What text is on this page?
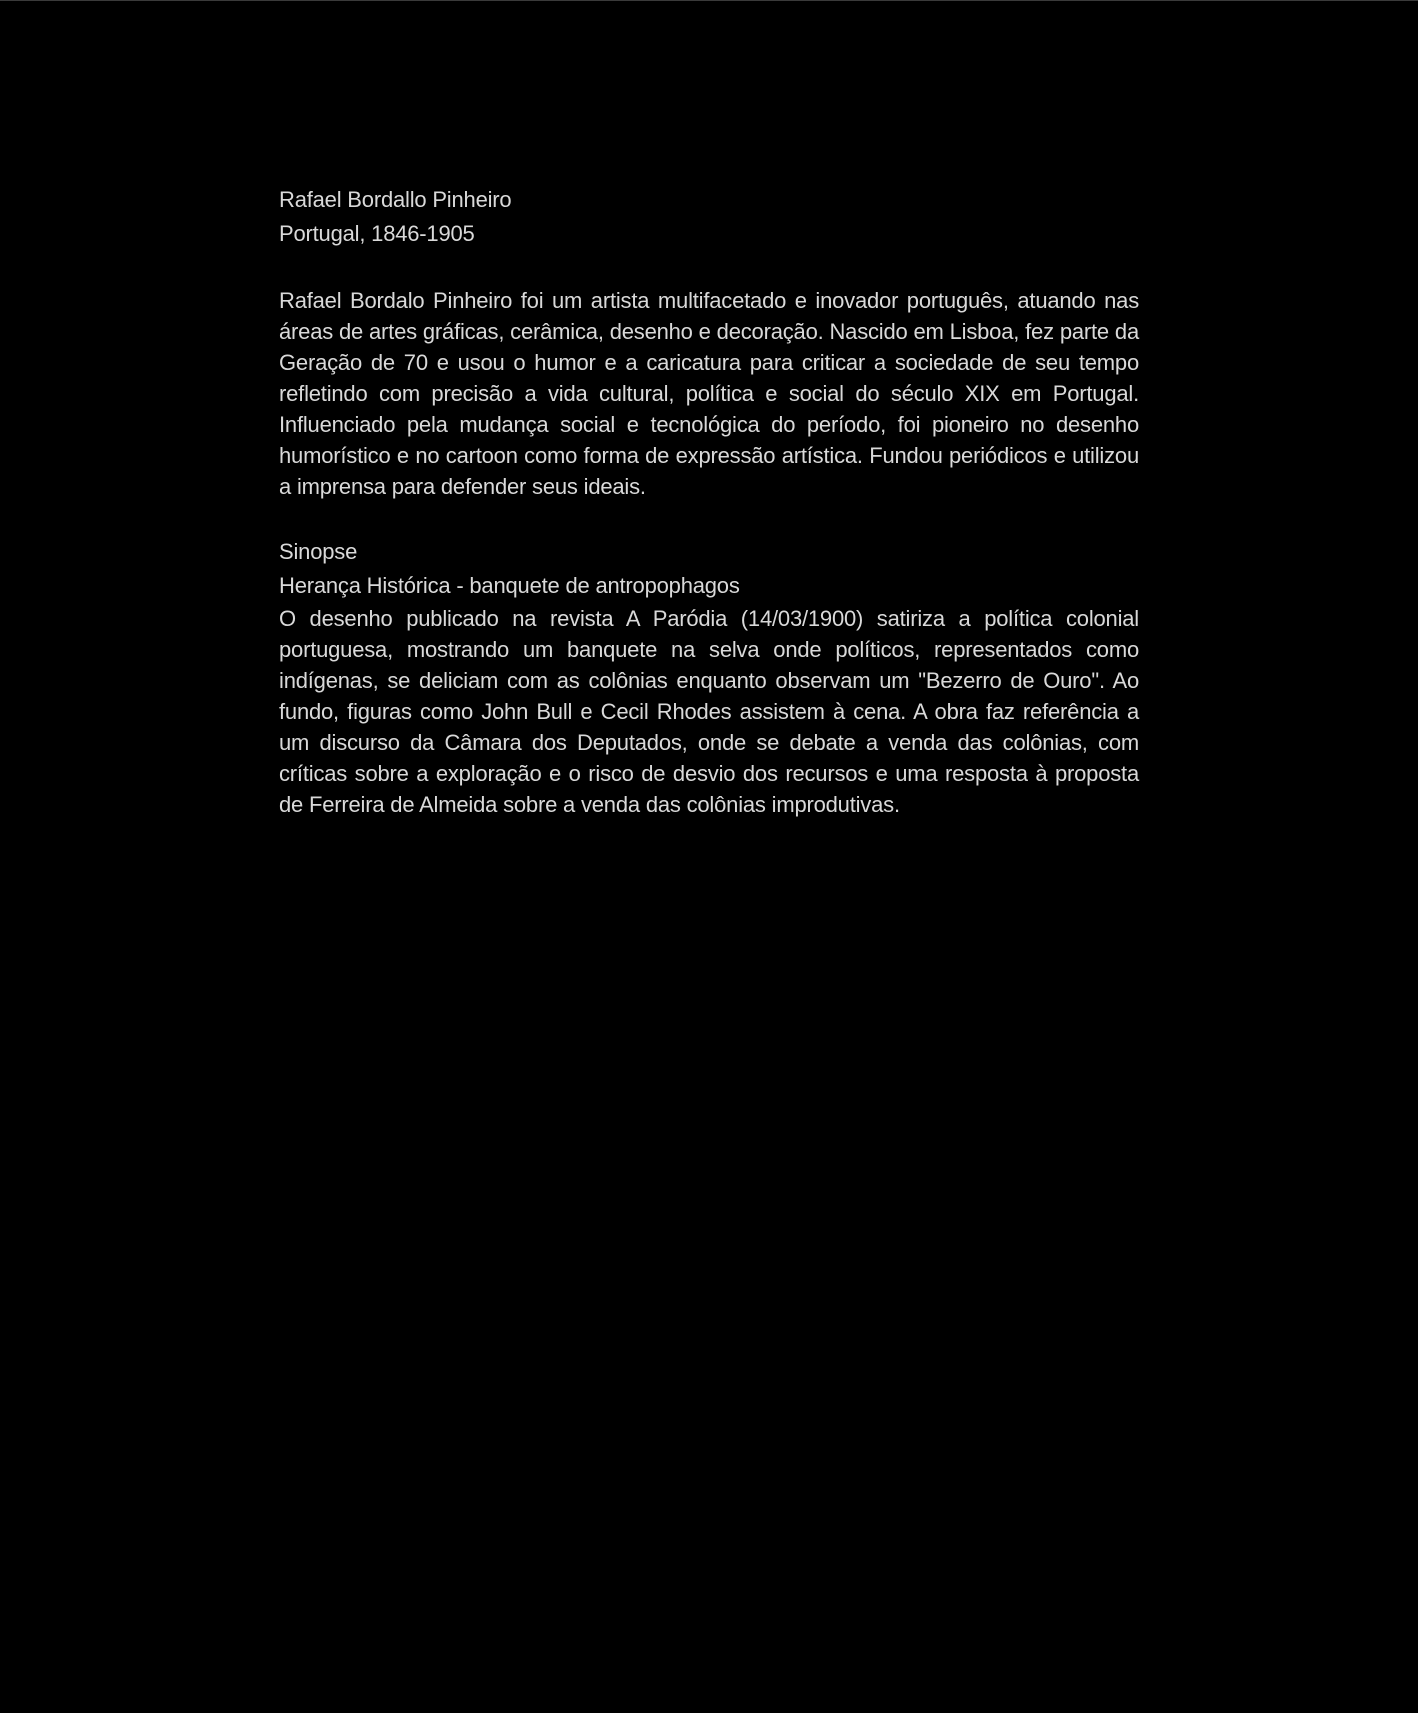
Rafael Bordallo Pinheiro

Portugal, 1846-1905

Rafael Bordalo Pinheiro foi um artista multifacetado e inovador português, atuando nas áreas de artes gráficas, cerâmica, desenho e decoração. Nascido em Lisboa, fez parte da Geração de 70 e usou o humor e a caricatura para criticar a sociedade de seu tempo refletindo com precisão a vida cultural, política e social do século XIX em Portugal. Influenciado pela mudança social e tecnológica do período, foi pioneiro no desenho humorístico e no cartoon como forma de expressão artística. Fundou periódicos e utilizou a imprensa para defender seus ideais.

Sinopse

Herança Histórica - banquete de antropophagos

O desenho publicado na revista A Paródia (14/03/1900) satiriza a política colonial portuguesa, mostrando um banquete na selva onde políticos, representados como indígenas, se deliciam com as colônias enquanto observam um "Bezerro de Ouro". Ao fundo, figuras como John Bull e Cecil Rhodes assistem à cena. A obra faz referência a um discurso da Câmara dos Deputados, onde se debate a venda das colônias, com críticas sobre a exploração e o risco de desvio dos recursos e uma resposta à proposta de Ferreira de Almeida sobre a venda das colônias improdutivas.
